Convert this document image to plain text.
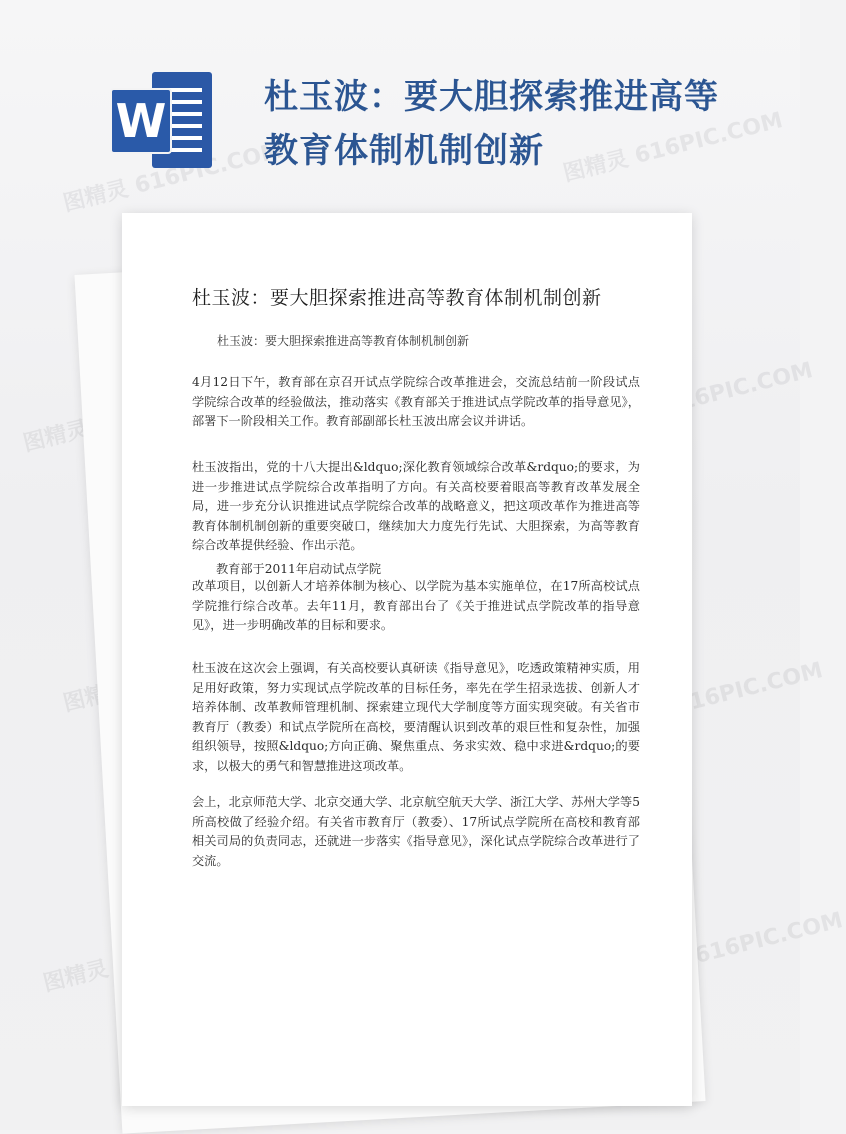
W	杜玉波：要大胆探索推进高等
教育体制机制创新
杜玉波：要大胆探索推进高等教育体制机制创新
杜玉波：要大胆探索推进高等教育体制机制创新
4月12日下午，教育部在京召开试点学院综合改革推进会，交流总结前一阶段试点学院综合改革的经验做法，推动落实《教育部关于推进试点学院改革的指导意见》，部署下一阶段相关工作。教育部副部长杜玉波出席会议并讲话。
杜玉波指出，党的十八大提出&ldquo;深化教育领域综合改革&rdquo;的要求，为进一步推进试点学院综合改革指明了方向。有关高校要着眼高等教育改革发展全局，进一步充分认识推进试点学院综合改革的战略意义，把这项改革作为推进高等教育体制机制创新的重要突破口，继续加大力度先行先试、大胆探索，为高等教育综合改革提供经验、作出示范。
教育部于2011年启动试点学院
改革项目，以创新人才培养体制为核心、以学院为基本实施单位，在17所高校试点学院推行综合改革。去年11月，教育部出台了《关于推进试点学院改革的指导意见》，进一步明确改革的目标和要求。
杜玉波在这次会上强调，有关高校要认真研读《指导意见》，吃透政策精神实质，用足用好政策，努力实现试点学院改革的目标任务，率先在学生招录选拔、创新人才培养体制、改革教师管理机制、探索建立现代大学制度等方面实现突破。有关省市教育厅（教委）和试点学院所在高校，要清醒认识到改革的艰巨性和复杂性，加强组织领导，按照&ldquo;方向正确、聚焦重点、务求实效、稳中求进&rdquo;的要求，以极大的勇气和智慧推进这项改革。
会上，北京师范大学、北京交通大学、北京航空航天大学、浙江大学、苏州大学等5所高校做了经验介绍。有关省市教育厅（教委）、17所试点学院所在高校和教育部相关司局的负责同志，还就进一步落实《指导意见》，深化试点学院综合改革进行了交流。
